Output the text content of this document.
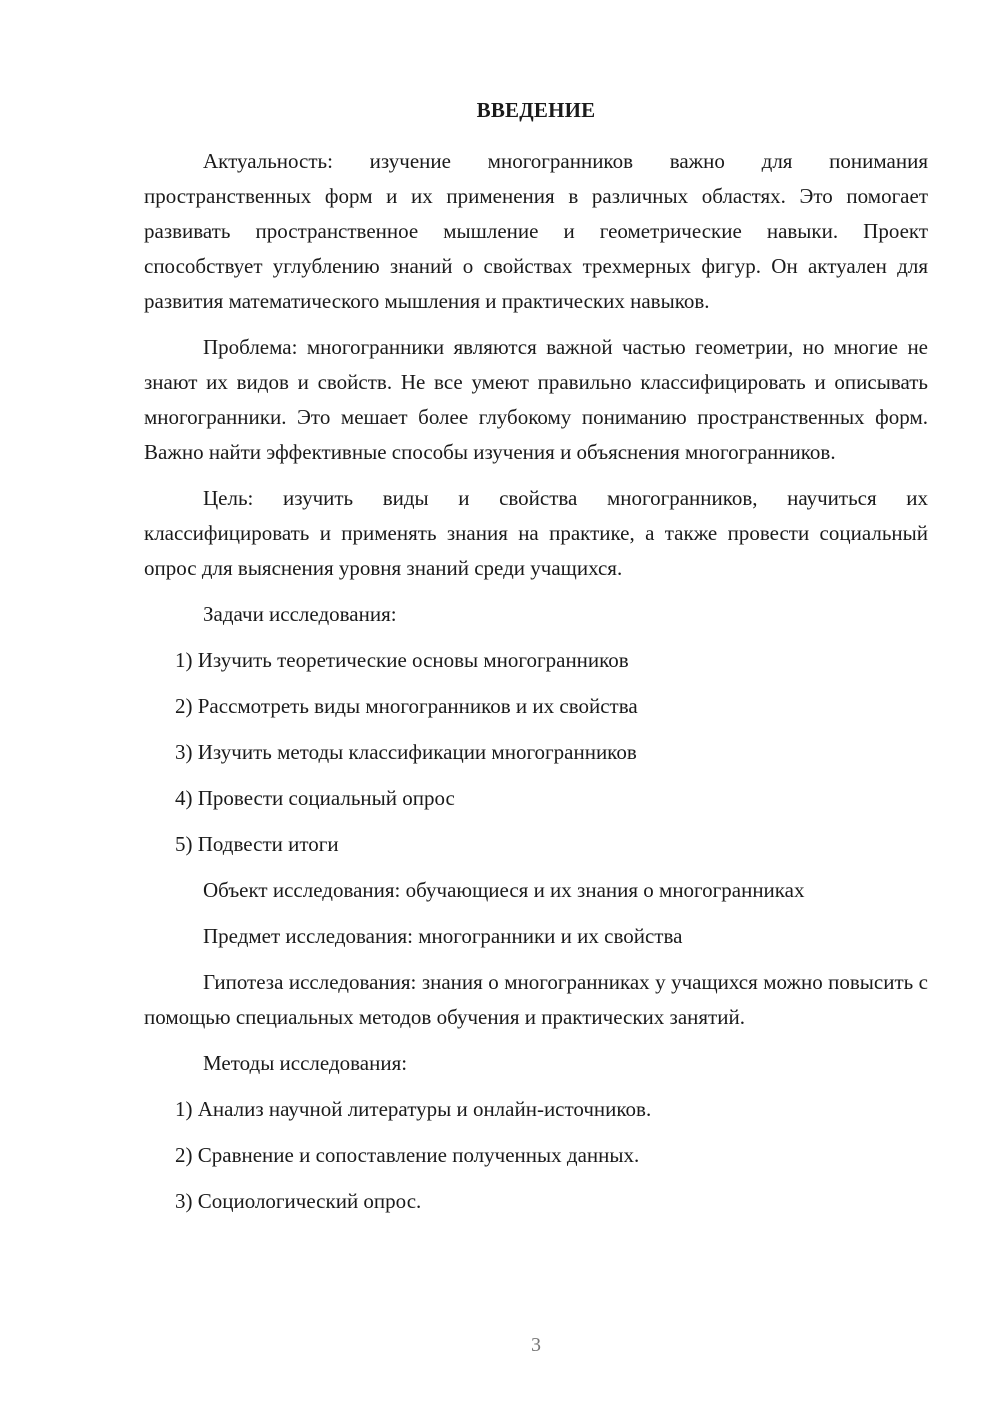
ВВЕДЕНИЕ
Актуальность: изучение многогранников важно для понимания пространственных форм и их применения в различных областях. Это помогает развивать пространственное мышление и геометрические навыки. Проект способствует углублению знаний о свойствах трехмерных фигур. Он актуален для развития математического мышления и практических навыков.
Проблема: многогранники являются важной частью геометрии, но многие не знают их видов и свойств. Не все умеют правильно классифицировать и описывать многогранники. Это мешает более глубокому пониманию пространственных форм. Важно найти эффективные способы изучения и объяснения многогранников.
Цель: изучить виды и свойства многогранников, научиться их классифицировать и применять знания на практике, а также провести социальный опрос для выяснения уровня знаний среди учащихся.
Задачи исследования:
1) Изучить теоретические основы многогранников
2) Рассмотреть виды многогранников и их свойства
3) Изучить методы классификации многогранников
4) Провести социальный опрос
5) Подвести итоги
Объект исследования: обучающиеся и их знания о многогранниках
Предмет исследования: многогранники и их свойства
Гипотеза исследования: знания о многогранниках у учащихся можно повысить с помощью специальных методов обучения и практических занятий.
Методы исследования:
1) Анализ научной литературы и онлайн-источников.
2) Сравнение и сопоставление полученных данных.
3) Социологический опрос.
3
